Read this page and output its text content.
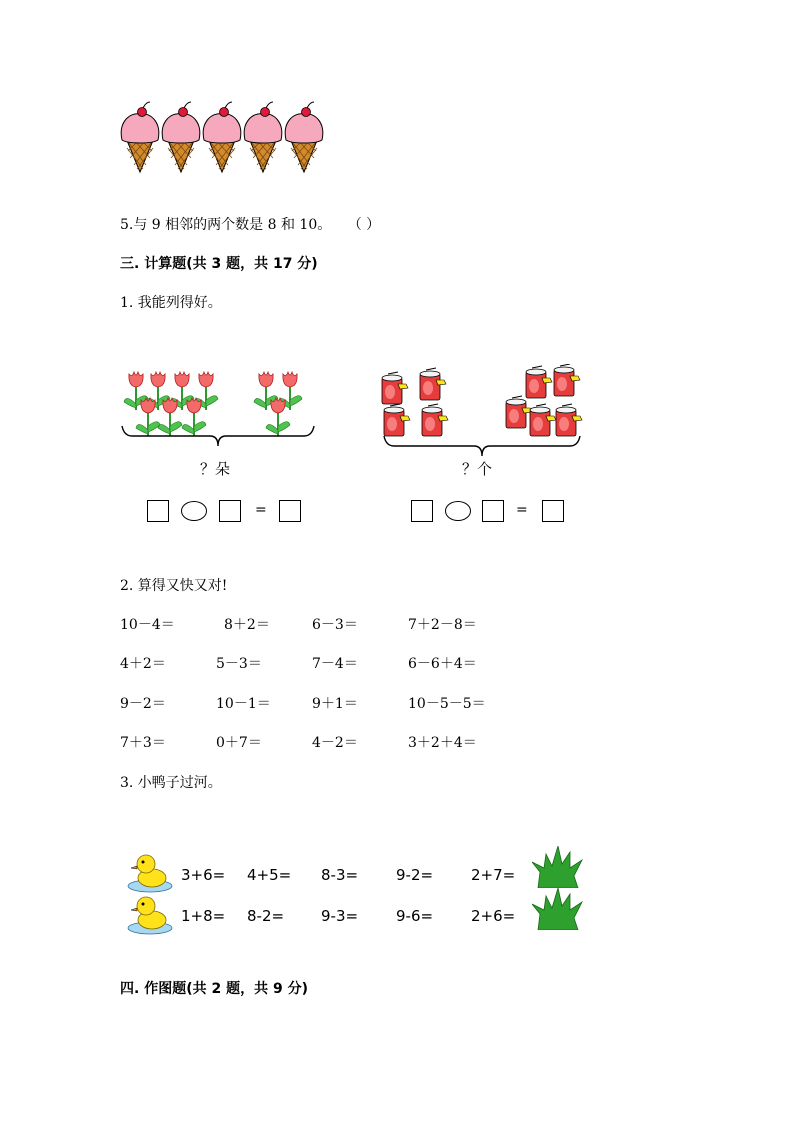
5.与 9 相邻的两个数是 8 和 10。 （ ）
三. 计算题(共 3 题，共 17 分)
1. 我能列得好。
？朵	？个
=	=
2. 算得又快又对!
10－4＝	8＋2＝	6－3＝	7＋2－8＝
4＋2＝	5－3＝	7－4＝	6－6＋4＝
9－2＝	10－1＝	9＋1＝	10－5－5＝
7＋3＝	0＋7＝	4－2＝	3＋2＋4＝
3. 小鸭子过河。
3+6= 4+5= 8-3=	9-2=	2+7=
1+8= 8-2= 9-3=	9-6=	2+6=
四. 作图题(共 2 题，共 9 分)
